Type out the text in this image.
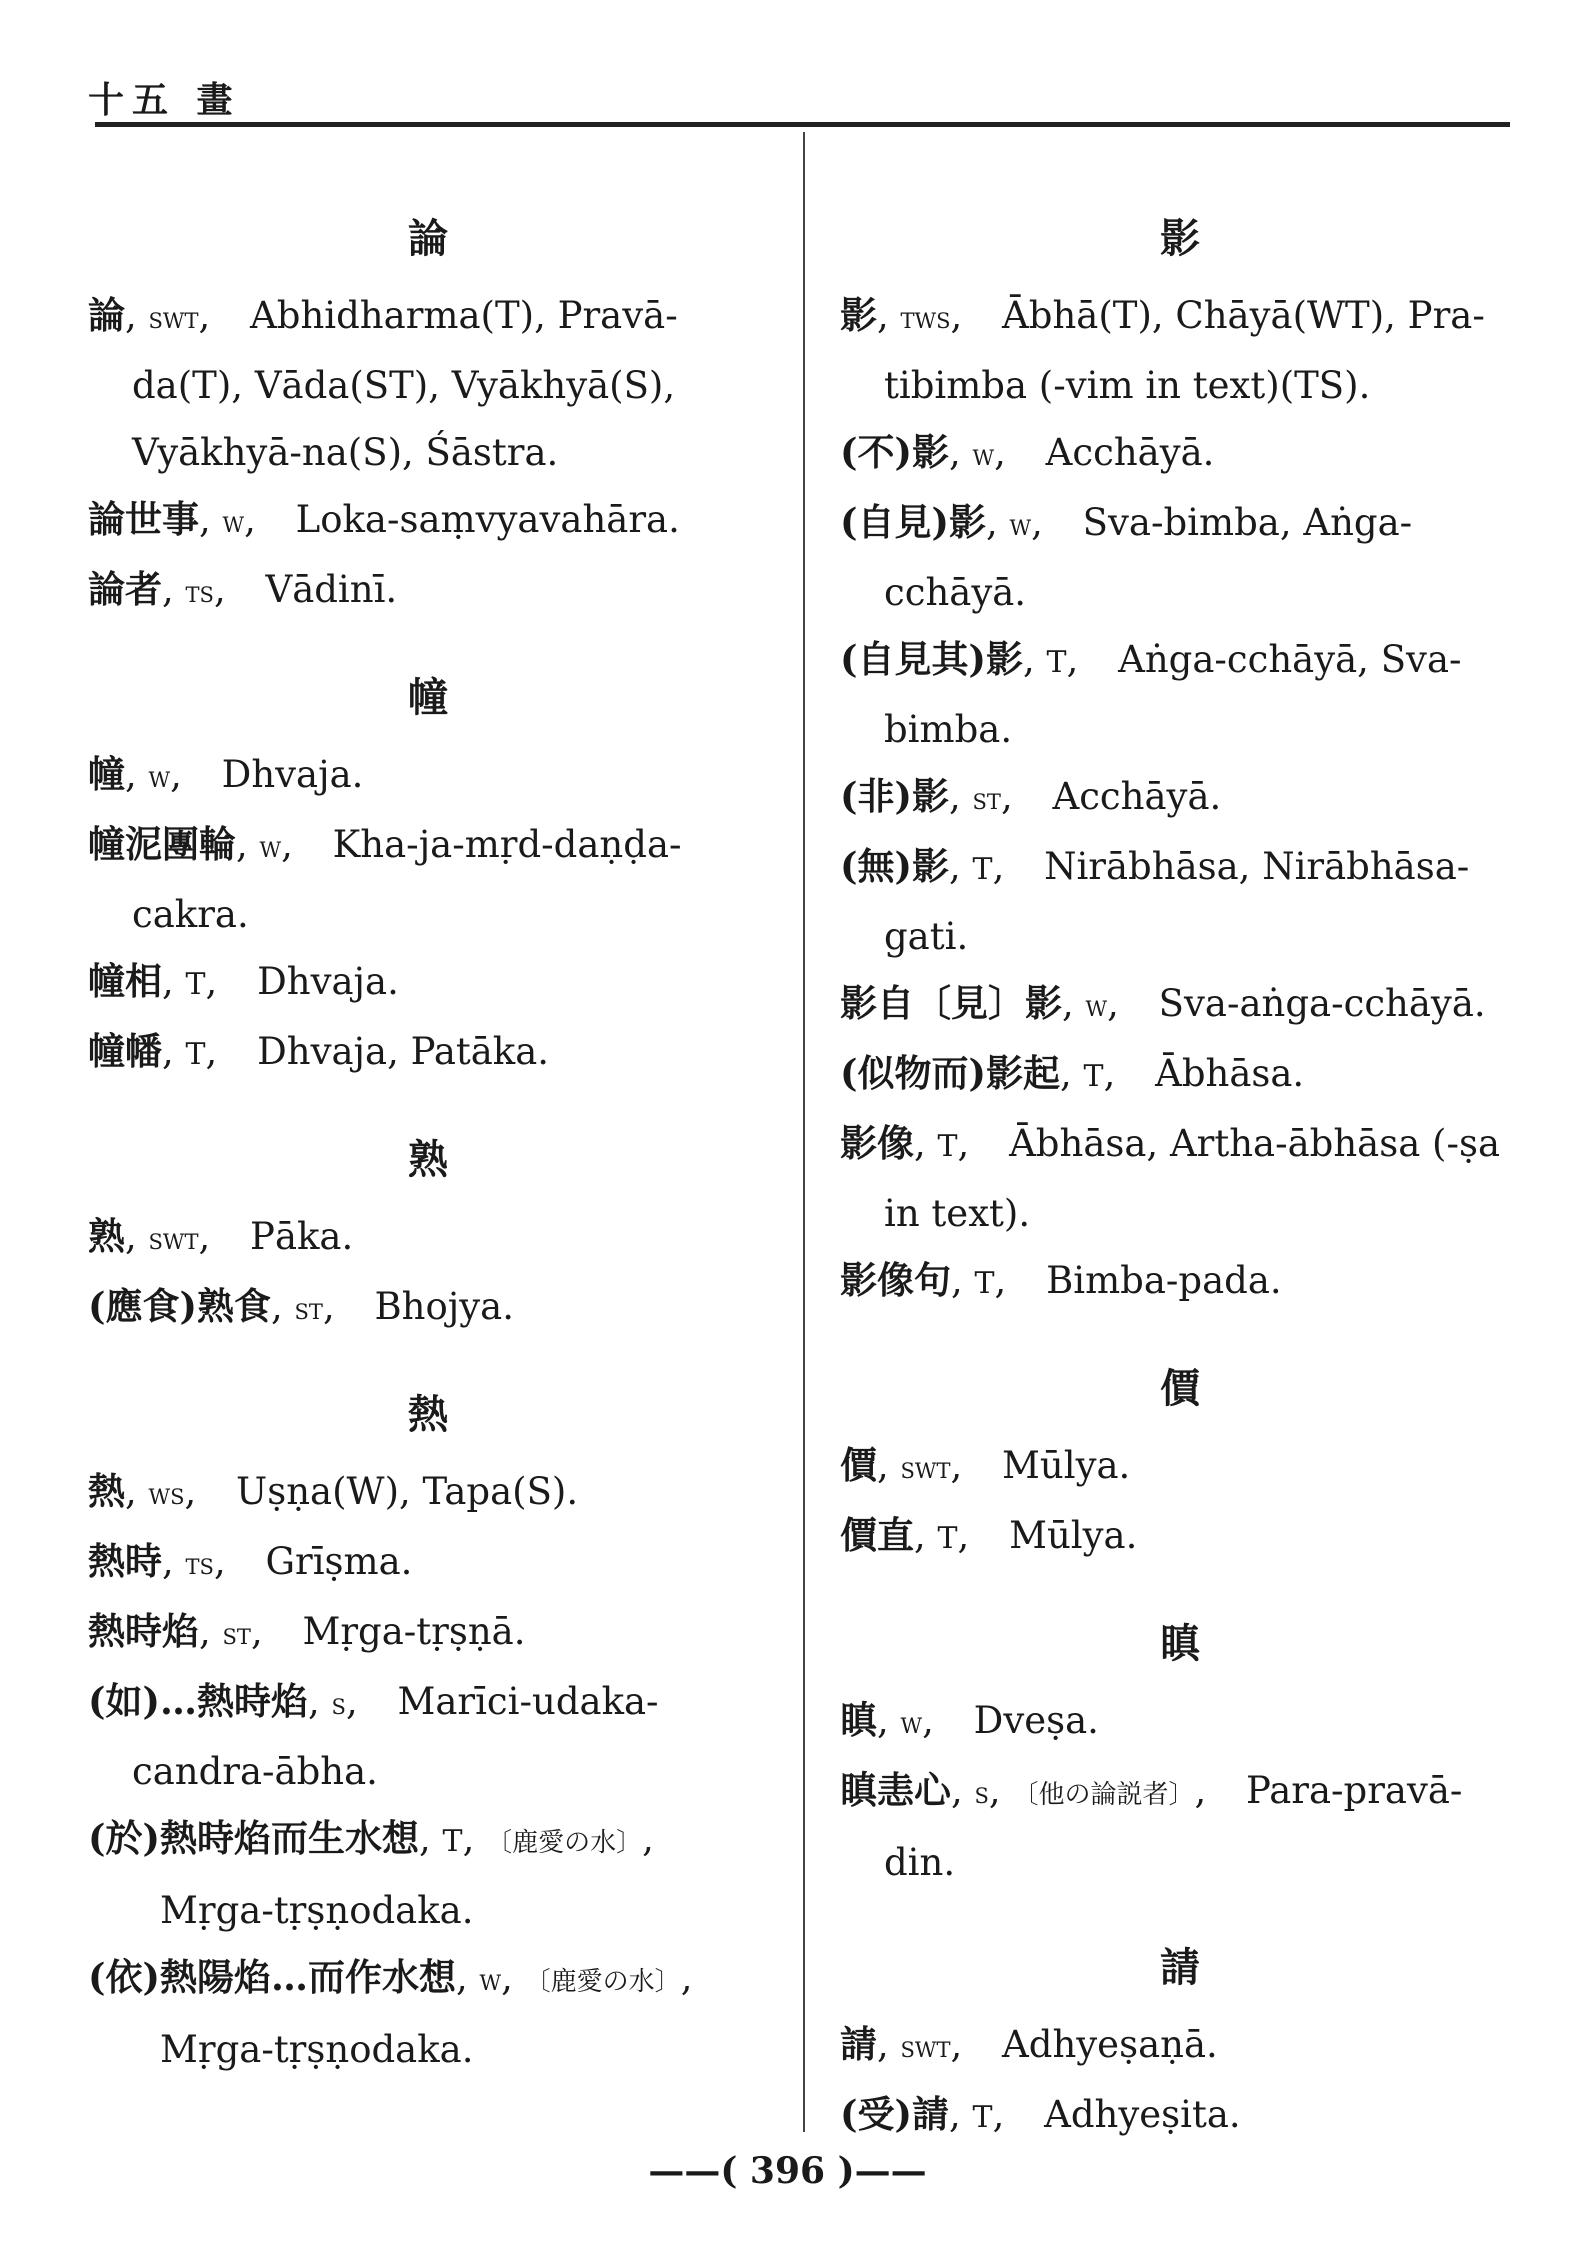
十五 畫
論
論, swt, Abhidharma(T), Pravā-da(T), Vāda(ST), Vyākhyā(S), Vyākhyā-na(S), Śāstra.
論世事, w, Loka-saṃvyavahāra.
論者, ts, Vādinī.
幢
幢, w, Dhvaja.
幢泥團輪, w, Kha-ja-mṛd-daṇḍa-cakra.
幢相, T, Dhvaja.
幢幡, T, Dhvaja, Patāka.
熟
熟, swt, Pāka.
(應食)熟食, st, Bhojya.
熱
熱, ws, Uṣṇa(W), Tapa(S).
熱時, ts, Grīṣma.
熱時焰, st, Mṛga-tṛṣṇā.
(如)…熱時焰, s, Marīci-udaka-candra-ābha.
(於)熱時焰而生水想, T, 〔鹿愛の水〕, Mṛga-tṛṣṇodaka.
(依)熱陽焰…而作水想, w, 〔鹿愛の水〕, Mṛga-tṛṣṇodaka.
影
影, tws, Ābhā(T), Chāyā(WT), Pra-tibimba (-vim in text)(TS).
(不)影, w, Acchāyā.
(自見)影, w, Sva-bimba, Aṅga-cchāyā.
(自見其)影, T, Aṅga-cchāyā, Sva-bimba.
(非)影, st, Acchāyā.
(無)影, T, Nirābhāsa, Nirābhāsa-gati.
影自〔見〕影, w, Sva-aṅga-cchāyā.
(似物而)影起, T, Ābhāsa.
影像, T, Ābhāsa, Artha-ābhāsa (-ṣa in text).
影像句, T, Bimba-pada.
價
價, swt, Mūlya.
價直, T, Mūlya.
瞋
瞋, w, Dveṣa.
瞋恚心, s, 〔他の論説者〕, Para-pravā-din.
請
請, swt, Adhyeṣaṇā.
(受)請, T, Adhyeṣita.
——( 396 )——
